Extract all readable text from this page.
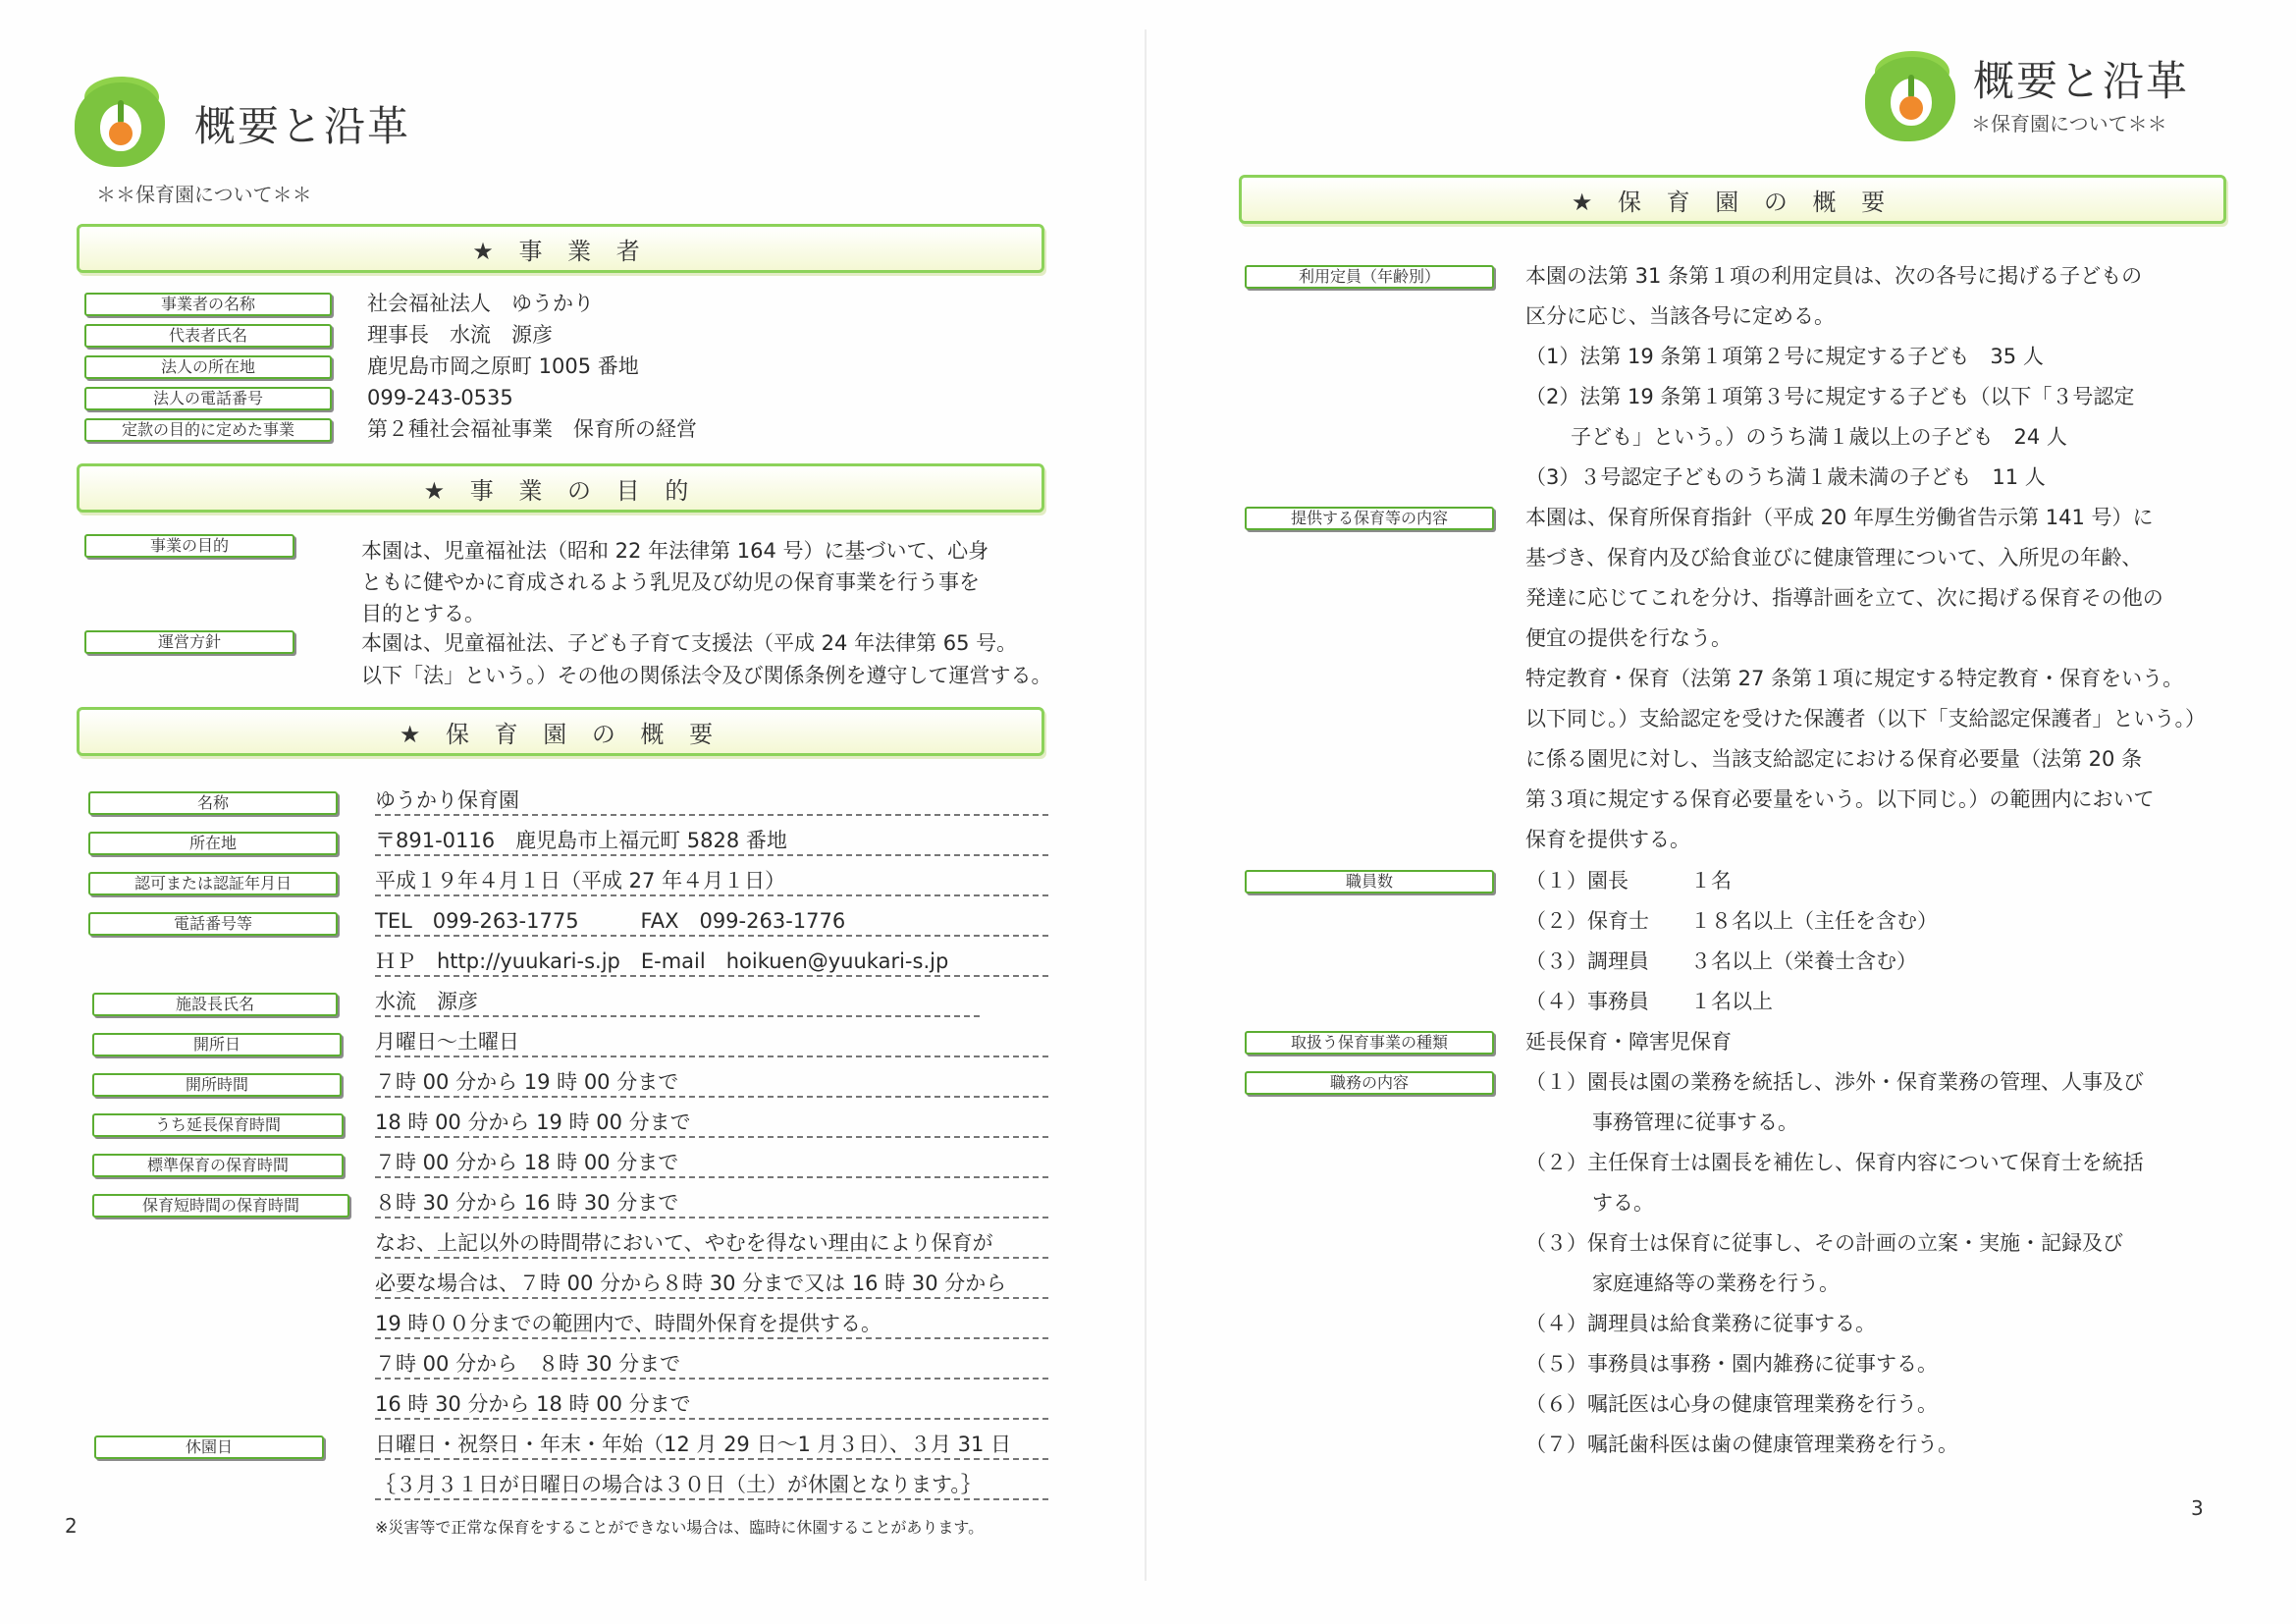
概要と沿革
＊＊保育園について＊＊
★ 事 業 者
事業者の名称	社会福祉法人　ゆうかり
代表者氏名	理事長　水流　源彦
法人の所在地	鹿児島市岡之原町 1005 番地
法人の電話番号	099-243-0535
定款の目的に定めた事業	第２種社会福祉事業　保育所の経営
★ 事 業 の 目 的
事業の目的	本園は、児童福祉法（昭和 22 年法律第 164 号）に基づいて、心身
ともに健やかに育成されるよう乳児及び幼児の保育事業を行う事を
目的とする。
運営方針	本園は、児童福祉法、子ども子育て支援法（平成 24 年法律第 65 号。
以下「法」という。）その他の関係法令及び関係条例を遵守して運営する。
★ 保 育 園 の 概 要
名称	ゆうかり保育園
所在地	〒891-0116　鹿児島市上福元町 5828 番地
認可または認証年月日	平成１９年４月１日（平成 27 年４月１日）
電話番号等	TEL　099-263-1775　　　FAX　099-263-1776
ＨＰ　http://yuukari-s.jp　E-mail　hoikuen@yuukari-s.jp
施設長氏名	水流　源彦
開所日	月曜日～土曜日
開所時間	７時 00 分から 19 時 00 分まで
うち延長保育時間	18 時 00 分から 19 時 00 分まで
標準保育の保育時間	７時 00 分から 18 時 00 分まで
保育短時間の保育時間	８時 30 分から 16 時 30 分まで
なお、上記以外の時間帯において、やむを得ない理由により保育が
必要な場合は、７時 00 分から８時 30 分まで又は 16 時 30 分から
19 時００分までの範囲内で、時間外保育を提供する。
７時 00 分から　８時 30 分まで
16 時 30 分から 18 時 00 分まで
休園日	日曜日・祝祭日・年末・年始（12 月 29 日～1 月３日）、３月 31 日
｛３月３１日が日曜日の場合は３０日（土）が休園となります。｝
※災害等で正常な保育をすることができない場合は、臨時に休園することがあります。
2
概要と沿革
＊保育園について＊＊
★ 保 育 園 の 概 要
利用定員（年齢別）	本園の法第 31 条第１項の利用定員は、次の各号に掲げる子どもの
区分に応じ、当該各号に定める。
（1）法第 19 条第１項第２号に規定する子ども　35 人
（2）法第 19 条第１項第３号に規定する子ども（以下「３号認定
子ども」という。）のうち満１歳以上の子ども　24 人
（3）３号認定子どものうち満１歳未満の子ども　11 人
提供する保育等の内容	本園は、保育所保育指針（平成 20 年厚生労働省告示第 141 号）に
基づき、保育内及び給食並びに健康管理について、入所児の年齢、
発達に応じてこれを分け、指導計画を立て、次に掲げる保育その他の
便宜の提供を行なう。
特定教育・保育（法第 27 条第１項に規定する特定教育・保育をいう。
以下同じ。）支給認定を受けた保護者（以下「支給認定保護者」という。）
に係る園児に対し、当該支給認定における保育必要量（法第 20 条
第３項に規定する保育必要量をいう。以下同じ。）の範囲内において
保育を提供する。
職員数	（１）園長　　　１名
（２）保育士　　１８名以上（主任を含む）
（３）調理員　　３名以上（栄養士含む）
（４）事務員　　１名以上
取扱う保育事業の種類	延長保育・障害児保育
職務の内容	（１）園長は園の業務を統括し、渉外・保育業務の管理、人事及び
事務管理に従事する。
（２）主任保育士は園長を補佐し、保育内容について保育士を統括
する。
（３）保育士は保育に従事し、その計画の立案・実施・記録及び
家庭連絡等の業務を行う。
（４）調理員は給食業務に従事する。
（５）事務員は事務・園内雑務に従事する。
（６）嘱託医は心身の健康管理業務を行う。
（７）嘱託歯科医は歯の健康管理業務を行う。
3
